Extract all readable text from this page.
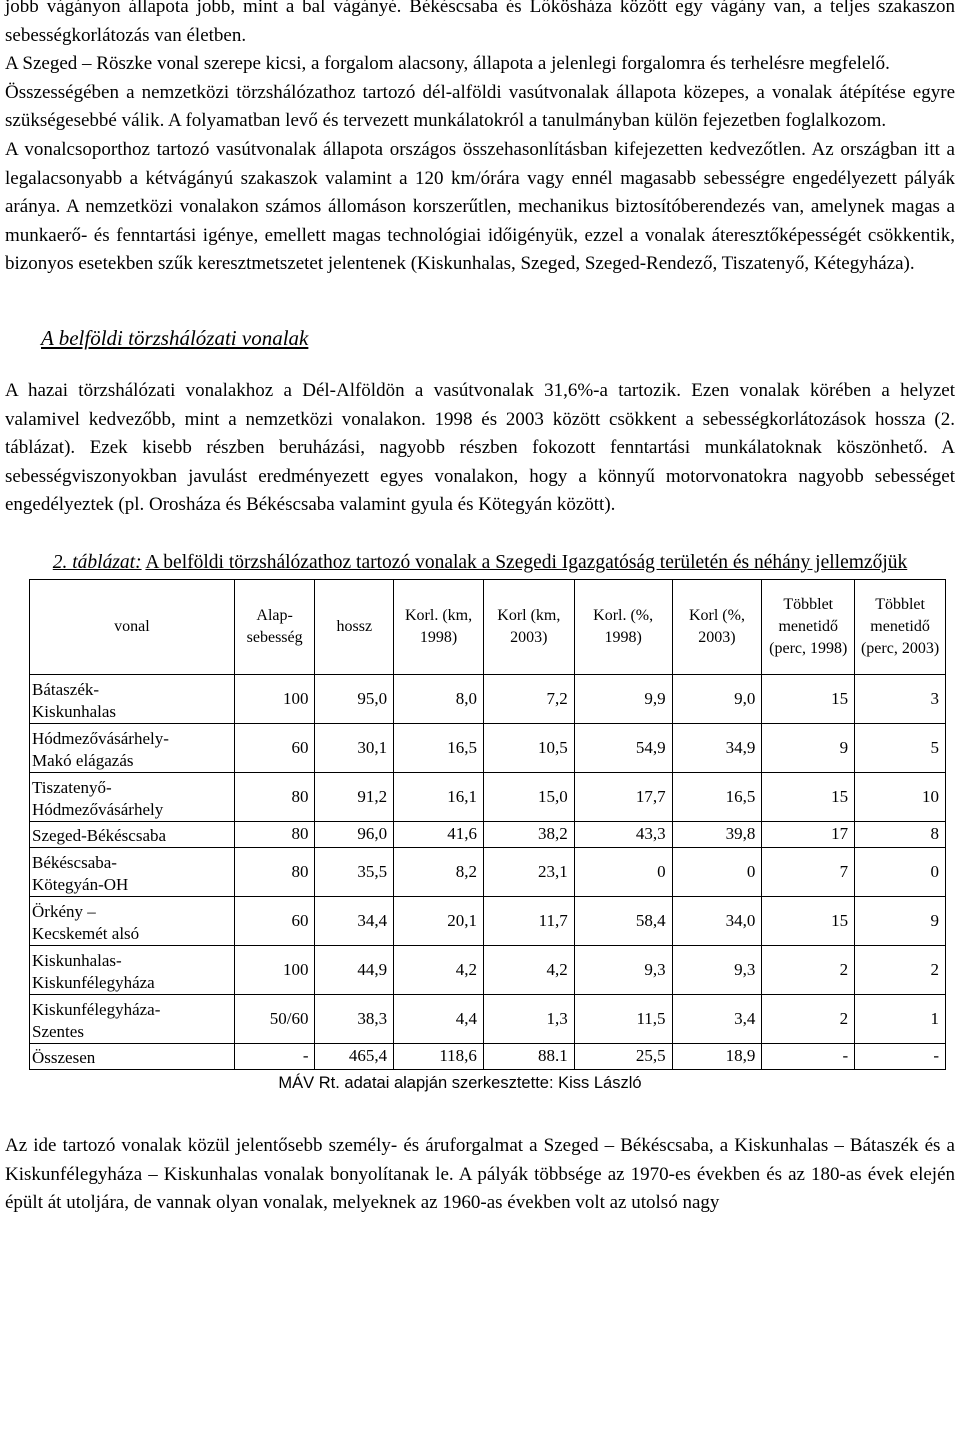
jobb vágányon állapota jobb, mint a bal vágányé. Békéscsaba és Lőkösháza között egy vágány van, a teljes szakaszon sebességkorlátozás van életben.

A Szeged – Röszke vonal szerepe kicsi, a forgalom alacsony, állapota a jelenlegi forgalomra és terhelésre megfelelő.

Összességében a nemzetközi törzshálózathoz tartozó dél-alföldi vasútvonalak állapota közepes, a vonalak átépítése egyre szükségesebbé válik. A folyamatban levő és tervezett munkálatokról a tanulmányban külön fejezetben foglalkozom.

A vonalcsoporthoz tartozó vasútvonalak állapota országos összehasonlításban kifejezetten kedvezőtlen. Az országban itt a legalacsonyabb a kétvágányú szakaszok valamint a 120 km/órára vagy ennél magasabb sebességre engedélyezett pályák aránya. A nemzetközi vonalakon számos állomáson korszerűtlen, mechanikus biztosítóberendezés van, amelynek magas a munkaerő- és fenntartási igénye, emellett magas technológiai időigényük, ezzel a vonalak áteresztőképességét csökkentik, bizonyos esetekben szűk keresztmetszetet jelentenek (Kiskunhalas, Szeged, Szeged-Rendező, Tiszatenyő, Kétegyháza).

A belföldi törzshálózati vonalak

A hazai törzshálózati vonalakhoz a Dél-Alföldön a vasútvonalak 31,6%-a tartozik. Ezen vonalak körében a helyzet valamivel kedvezőbb, mint a nemzetközi vonalakon. 1998 és 2003 között csökkent a sebességkorlátozások hossza (2. táblázat). Ezek kisebb részben beruházási, nagyobb részben fokozott fenntartási munkálatoknak köszönhető. A sebességviszonyokban javulást eredményezett egyes vonalakon, hogy a könnyű motorvonatokra nagyobb sebességet engedélyeztek (pl. Orosháza és Békéscsaba valamint gyula és Kötegyán között).

2. táblázat: A belföldi törzshálózathoz tartozó vonalak a Szegedi Igazgatóság területén és néhány jellemzőjük
vonal	Alap-sebesség	hossz	Korl. (km, 1998)	Korl (km, 2003)	Korl. (%, 1998)	Korl (%, 2003)	Többlet menetidő (perc, 1998)	Többlet menetidő (perc, 2003)
Bátaszék-
Kiskunhalas	100	95,0	8,0	7,2	9,9	9,0	15	3
Hódmezővásárhely-
Makó elágazás	60	30,1	16,5	10,5	54,9	34,9	9	5
Tiszatenyő-
Hódmezővásárhely	80	91,2	16,1	15,0	17,7	16,5	15	10
Szeged-Békéscsaba	80	96,0	41,6	38,2	43,3	39,8	17	8
Békéscsaba-
Kötegyán-OH	80	35,5	8,2	23,1	0	0	7	0
Örkény –
Kecskemét alsó	60	34,4	20,1	11,7	58,4	34,0	15	9
Kiskunhalas-
Kiskunfélegyháza	100	44,9	4,2	4,2	9,3	9,3	2	2
Kiskunfélegyháza-
Szentes	50/60	38,3	4,4	1,3	11,5	3,4	2	1
Összesen	-	465,4	118,6	88.1	25,5	18,9	-	-
MÁV Rt. adatai alapján szerkesztette: Kiss László

Az ide tartozó vonalak közül jelentősebb személy- és áruforgalmat a Szeged – Békéscsaba, a Kiskunhalas – Bátaszék és a Kiskunfélegyháza – Kiskunhalas vonalak bonyolítanak le. A pályák többsége az 1970-es években és az 180-as évek elején épült át utoljára, de vannak olyan vonalak, melyeknek az 1960-as években volt az utolsó nagy
